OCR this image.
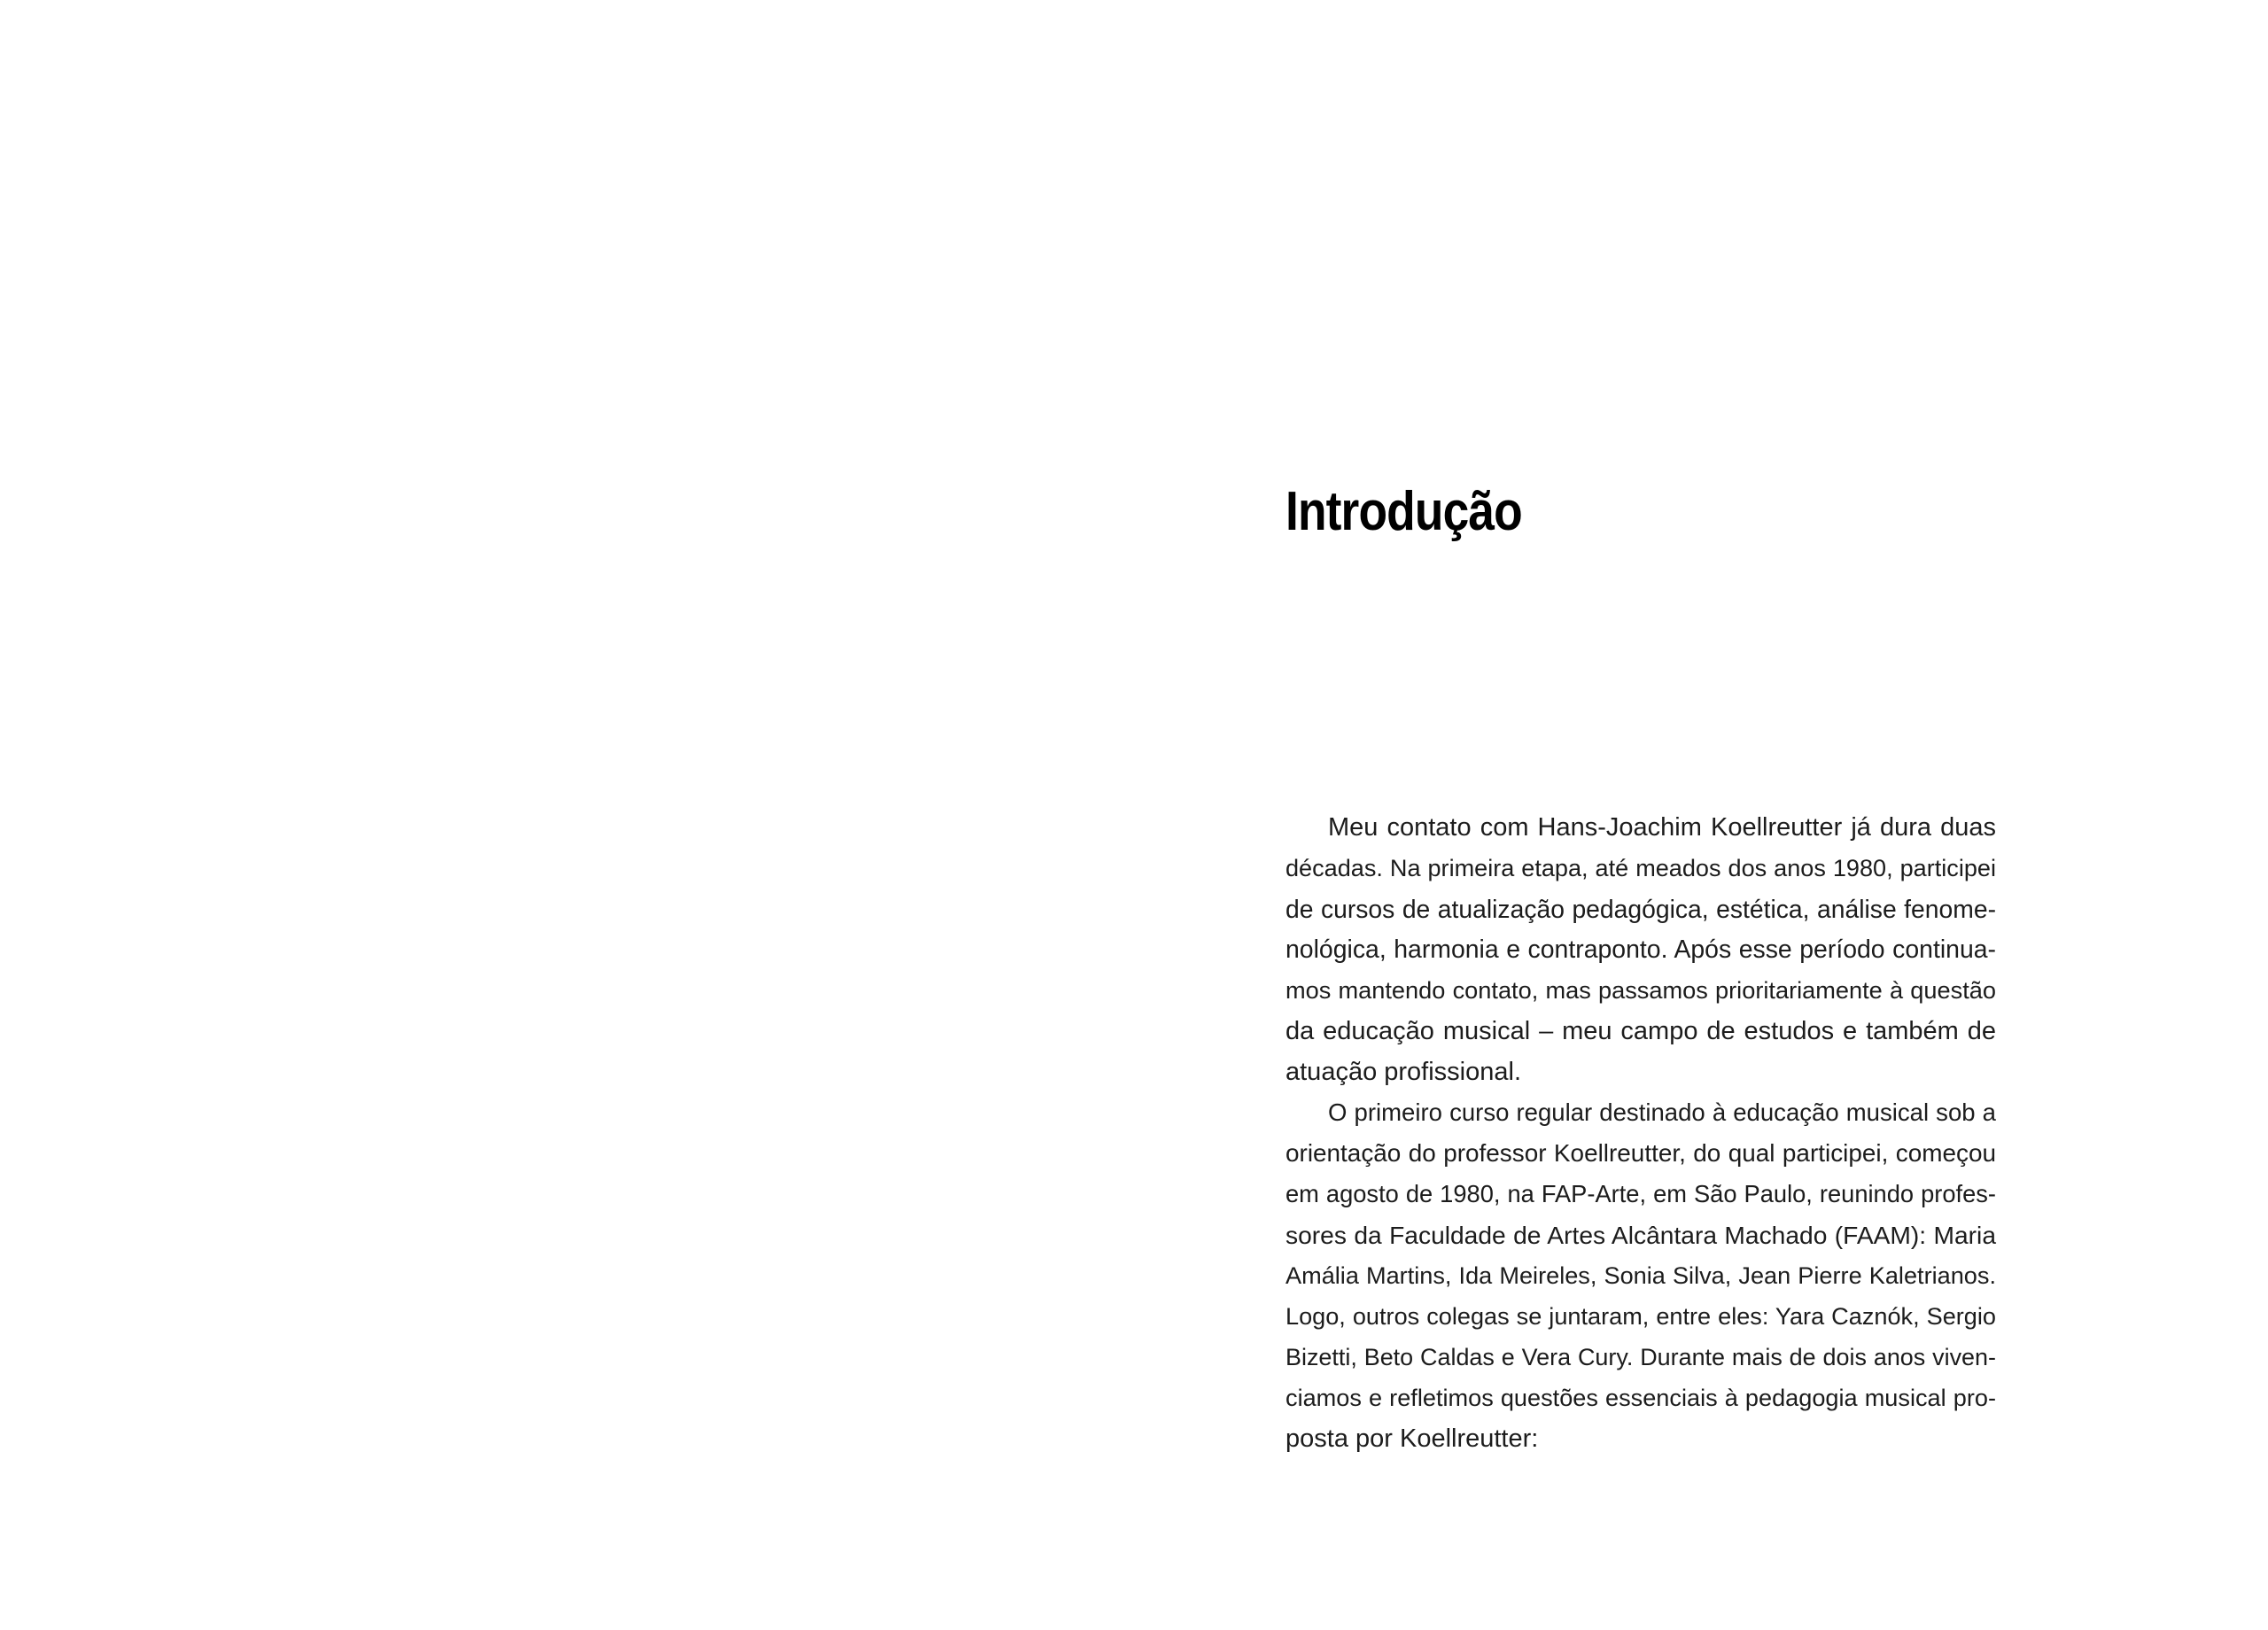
Introdução
Meu contato com Hans-Joachim Koellreutter já dura duas
décadas. Na primeira etapa, até meados dos anos 1980, participei
de cursos de atualização pedagógica, estética, análise fenome-
nológica, harmonia e contraponto. Após esse período continua-
mos mantendo contato, mas passamos prioritariamente à questão
da educação musical – meu campo de estudos e também de
atuação profissional.
O primeiro curso regular destinado à educação musical sob a
orientação do professor Koellreutter, do qual participei, começou
em agosto de 1980, na FAP-Arte, em São Paulo, reunindo profes-
sores da Faculdade de Artes Alcântara Machado (FAAM): Maria
Amália Martins, Ida Meireles, Sonia Silva, Jean Pierre Kaletrianos.
Logo, outros colegas se juntaram, entre eles: Yara Caznók, Sergio
Bizetti, Beto Caldas e Vera Cury. Durante mais de dois anos viven-
ciamos e refletimos questões essenciais à pedagogia musical pro-
posta por Koellreutter:
